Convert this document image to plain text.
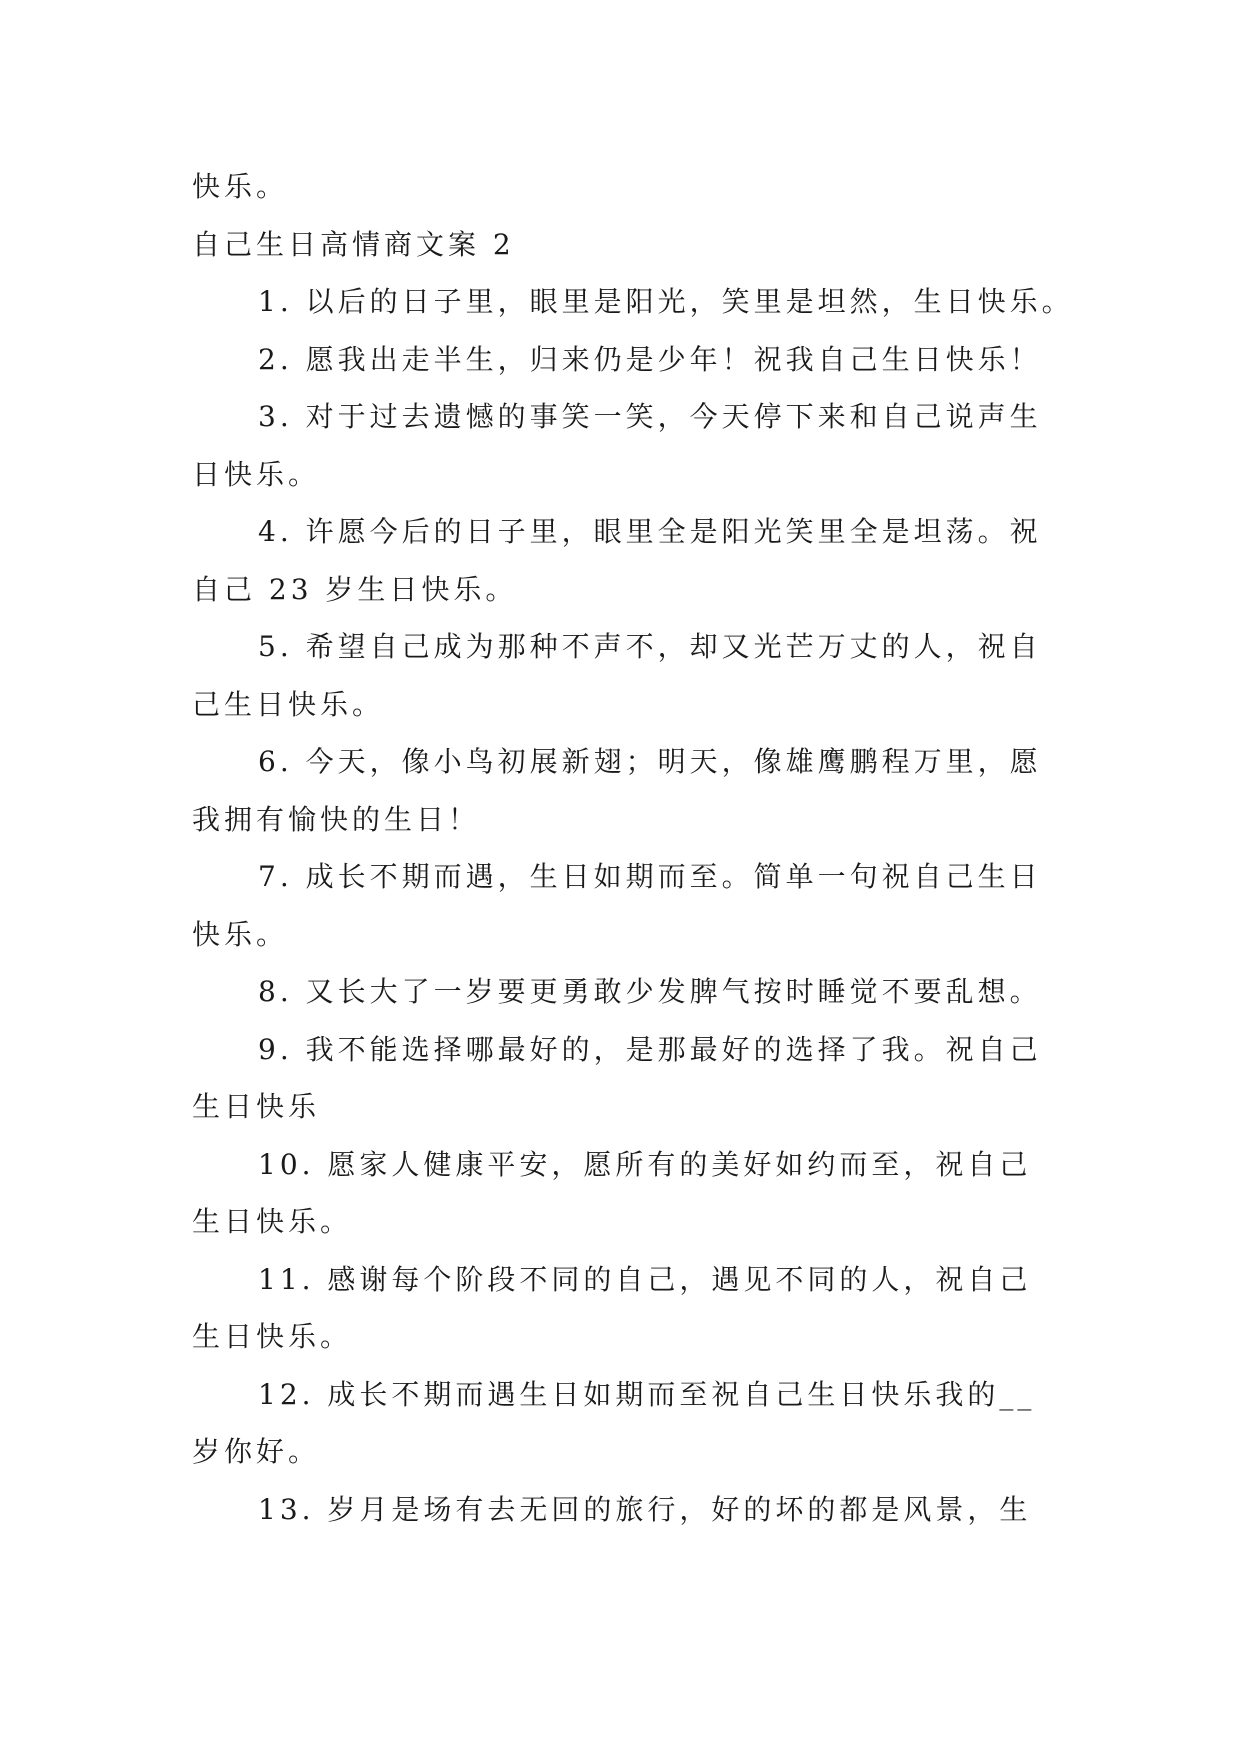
快乐。

自己生日高情商文案 2

1. 以后的日子里，眼里是阳光，笑里是坦然，生日快乐。
2. 愿我出走半生，归来仍是少年！祝我自己生日快乐！
3. 对于过去遗憾的事笑一笑，今天停下来和自己说声生
日快乐。
4. 许愿今后的日子里，眼里全是阳光笑里全是坦荡。祝
自己 23 岁生日快乐。
5. 希望自己成为那种不声不，却又光芒万丈的人，祝自
己生日快乐。
6. 今天，像小鸟初展新翅；明天，像雄鹰鹏程万里，愿
我拥有愉快的生日！
7. 成长不期而遇，生日如期而至。简单一句祝自己生日
快乐。
8. 又长大了一岁要更勇敢少发脾气按时睡觉不要乱想。
9. 我不能选择哪最好的，是那最好的选择了我。祝自己
生日快乐
10. 愿家人健康平安，愿所有的美好如约而至，祝自己
生日快乐。
11. 感谢每个阶段不同的自己，遇见不同的人，祝自己
生日快乐。
12. 成长不期而遇生日如期而至祝自己生日快乐我的__
岁你好。
13. 岁月是场有去无回的旅行，好的坏的都是风景，生
